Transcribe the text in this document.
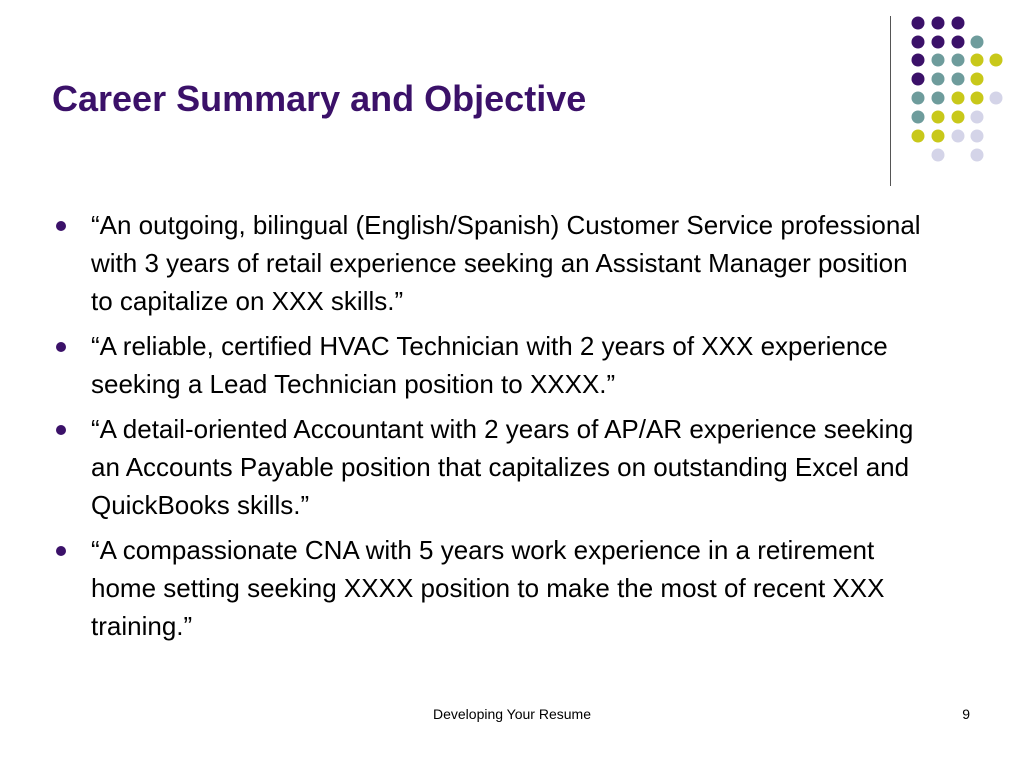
Career Summary and Objective
“An outgoing, bilingual (English/Spanish) Customer Service professional with 3 years of retail experience seeking an Assistant Manager position to capitalize on XXX skills.”
“A reliable, certified HVAC Technician with 2 years of XXX experience seeking a Lead Technician position to XXXX.”
“A detail-oriented Accountant with 2 years of AP/AR experience seeking an Accounts Payable position that capitalizes on outstanding Excel and QuickBooks skills.”
“A compassionate CNA with 5 years work experience in a retirement home setting seeking XXXX position to make the most of recent XXX training.”
Developing Your Resume	9
